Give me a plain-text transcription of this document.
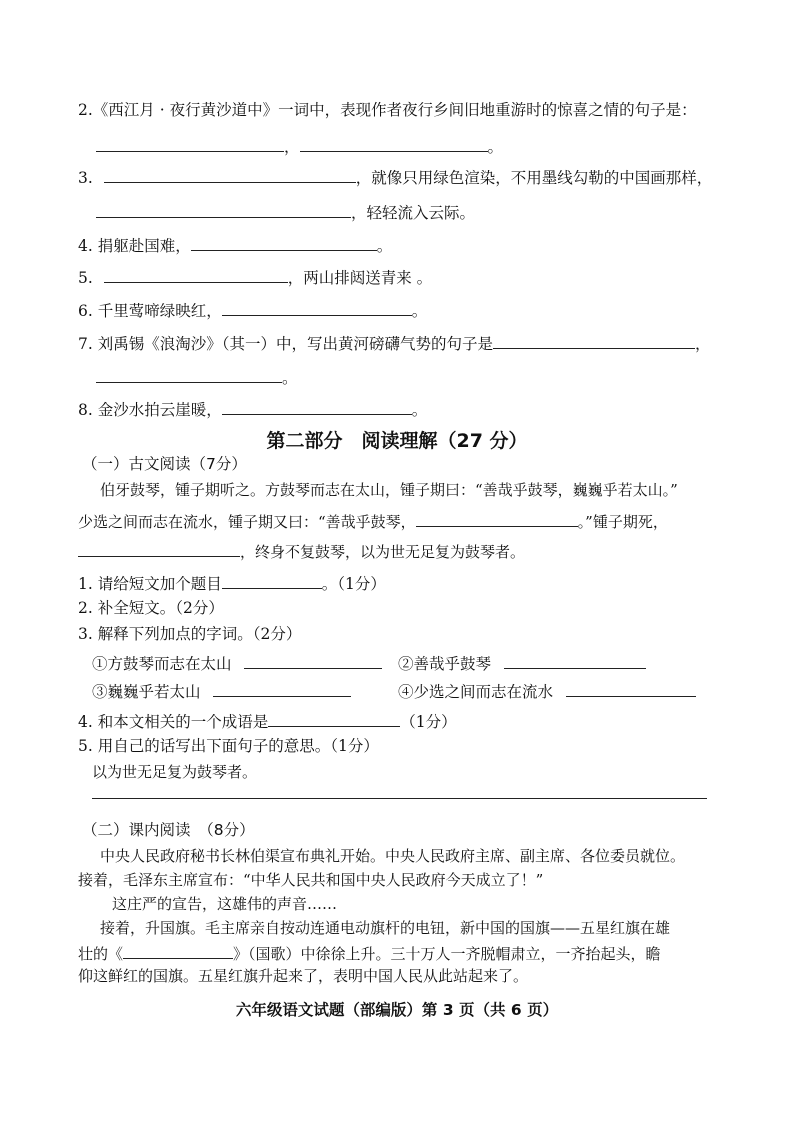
2.《西江月 · 夜行黄沙道中》一词中，表现作者夜行乡间旧地重游时的惊喜之情的句子是：
，	。
3.	，就像只用绿色渲染，不用墨线勾勒的中国画那样，
，轻轻流入云际。
4. 捐躯赴国难，	。
5.	，两山排闼送青来 。
6. 千里莺啼绿映红，	。
7. 刘禹锡《浪淘沙》（其一）中，写出黄河磅礴气势的句子是	，
。
8. 金沙水拍云崖暖，	。
第二部分　阅读理解（27 分）
（一）古文阅读（7分）
伯牙鼓琴，锺子期听之。方鼓琴而志在太山，锺子期曰：“善哉乎鼓琴，巍巍乎若太山。”
少选之间而志在流水，锺子期又曰：“善哉乎鼓琴，	。”锺子期死，
，终身不复鼓琴，以为世无足复为鼓琴者。
1. 请给短文加个题目	。（1分）
2. 补全短文。（2分）
3. 解释下列加点的字词。（2分）
①方鼓琴而志在太山	②善哉乎鼓琴
③巍巍乎若太山	④少选之间而志在流水
4. 和本文相关的一个成语是	（1分）
5. 用自己的话写出下面句子的意思。（1分）
以为世无足复为鼓琴者。
（二）课内阅读　（8分）
中央人民政府秘书长林伯渠宣布典礼开始。中央人民政府主席、副主席、各位委员就位。
接着，毛泽东主席宣布：“中华人民共和国中央人民政府今天成立了！”
这庄严的宣告，这雄伟的声音……
接着，升国旗。毛主席亲自按动连通电动旗杆的电钮，新中国的国旗——五星红旗在雄
壮的《	》（国歌）中徐徐上升。三十万人一齐脱帽肃立，一齐抬起头，瞻
仰这鲜红的国旗。五星红旗升起来了，表明中国人民从此站起来了。
六年级语文试题（部编版）第 3 页（共 6 页）
